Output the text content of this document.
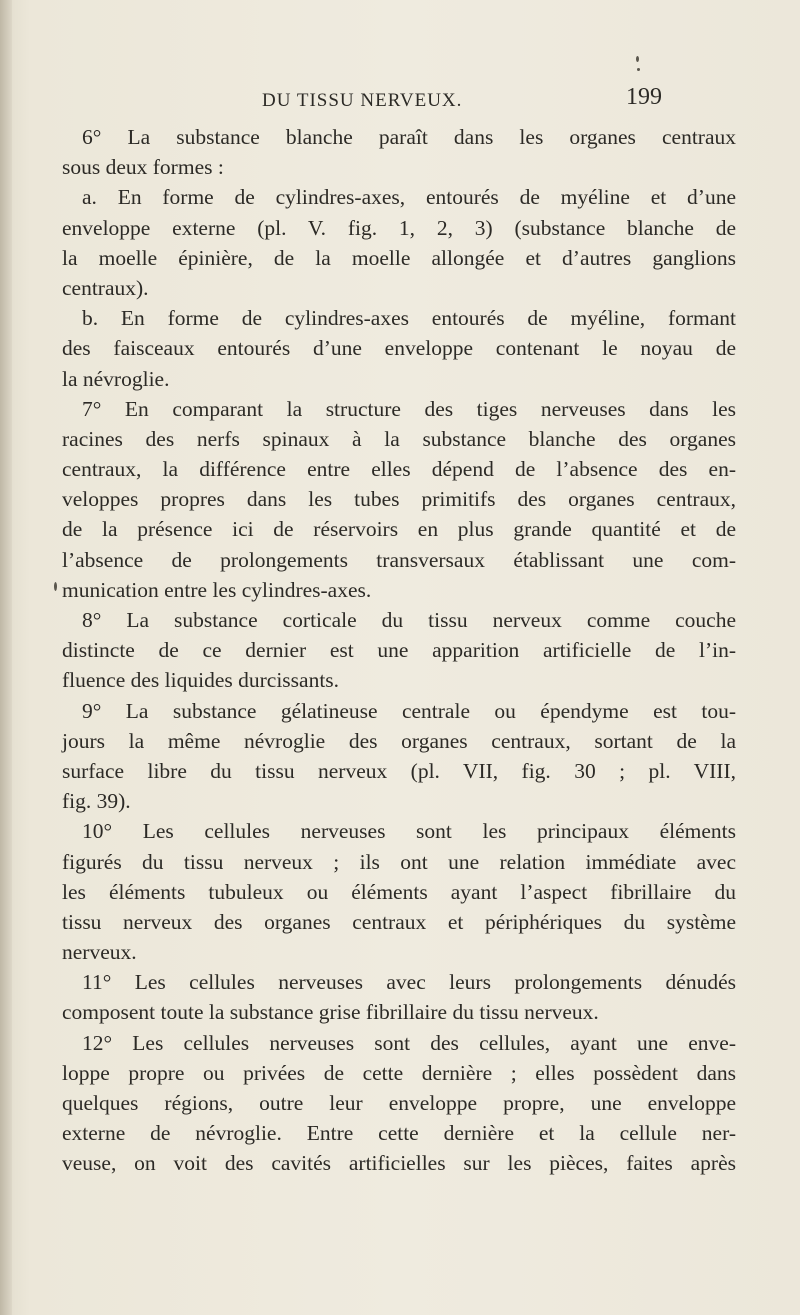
DU TISSU NERVEUX.	199
6° La substance blanche paraît dans les organes centraux
sous deux formes :
a. En forme de cylindres-axes, entourés de myéline et d’une
enveloppe externe (pl. V. fig. 1, 2, 3) (substance blanche de
la moelle épinière, de la moelle allongée et d’autres ganglions
centraux).
b. En forme de cylindres-axes entourés de myéline, formant
des faisceaux entourés d’une enveloppe contenant le noyau de
la névroglie.
7° En comparant la structure des tiges nerveuses dans les
racines des nerfs spinaux à la substance blanche des organes
centraux, la différence entre elles dépend de l’absence des en-
veloppes propres dans les tubes primitifs des organes centraux,
de la présence ici de réservoirs en plus grande quantité et de
l’absence de prolongements transversaux établissant une com-
munication entre les cylindres-axes.
8° La substance corticale du tissu nerveux comme couche
distincte de ce dernier est une apparition artificielle de l’in-
fluence des liquides durcissants.
9° La substance gélatineuse centrale ou épendyme est tou-
jours la même névroglie des organes centraux, sortant de la
surface libre du tissu nerveux (pl. VII, fig. 30 ; pl. VIII,
fig. 39).
10° Les cellules nerveuses sont les principaux éléments
figurés du tissu nerveux ; ils ont une relation immédiate avec
les éléments tubuleux ou éléments ayant l’aspect fibrillaire du
tissu nerveux des organes centraux et périphériques du système
nerveux.
11° Les cellules nerveuses avec leurs prolongements dénudés
composent toute la substance grise fibrillaire du tissu nerveux.
12° Les cellules nerveuses sont des cellules, ayant une enve-
loppe propre ou privées de cette dernière ; elles possèdent dans
quelques régions, outre leur enveloppe propre, une enveloppe
externe de névroglie. Entre cette dernière et la cellule ner-
veuse, on voit des cavités artificielles sur les pièces, faites après
